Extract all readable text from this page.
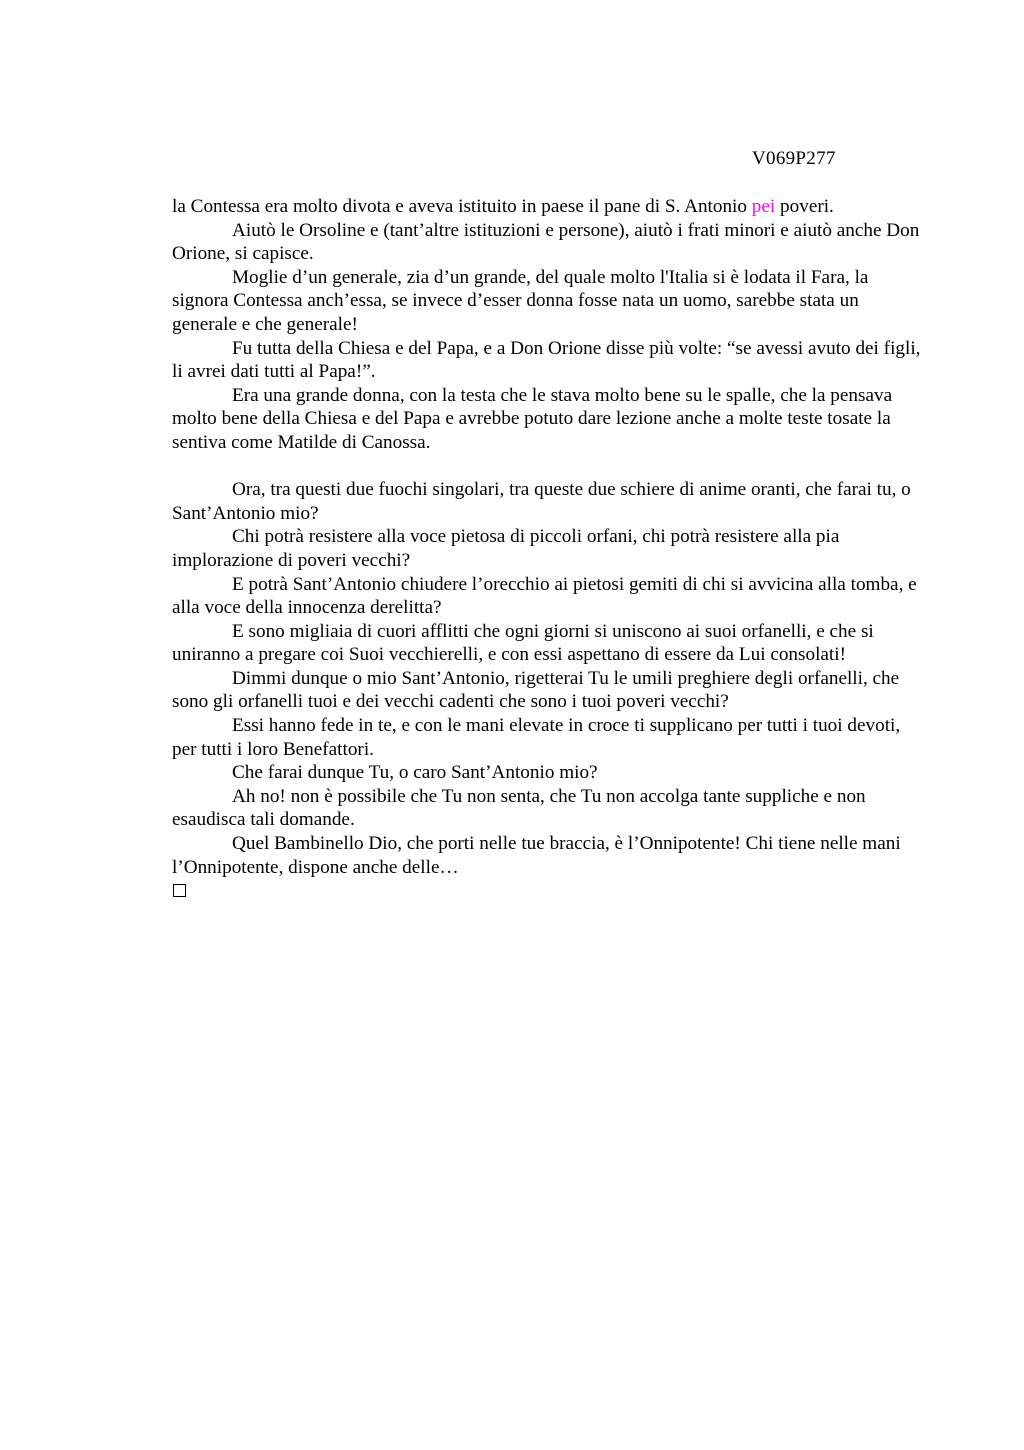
V069P277

la Contessa era molto divota e aveva istituito in paese il pane di S. Antonio pei poveri.

Aiutò le Orsoline e (tant’altre istituzioni e persone), aiutò i frati minori e aiutò anche Don Orione, si capisce.

Moglie d’un generale, zia d’un grande, del quale molto l'Italia si è lodata il Fara, la signora Contessa anch’essa, se invece d’esser donna fosse nata un uomo, sarebbe stata un generale e che generale!

Fu tutta della Chiesa e del Papa, e a Don Orione disse più volte: “se avessi avuto dei figli, li avrei dati tutti al Papa!”.

Era una grande donna, con la testa che le stava molto bene su le spalle, che la pensava molto bene della Chiesa e del Papa e avrebbe potuto dare lezione anche a molte teste tosate la sentiva come Matilde di Canossa.

Ora, tra questi due fuochi singolari, tra queste due schiere di anime oranti, che farai tu, o Sant’Antonio mio?

Chi potrà resistere alla voce pietosa di piccoli orfani, chi potrà resistere alla pia implorazione di poveri vecchi?

E potrà Sant’Antonio chiudere l’orecchio ai pietosi gemiti di chi si avvicina alla tomba, e alla voce della innocenza derelitta?

E sono migliaia di cuori afflitti che ogni giorni si uniscono ai suoi orfanelli, e che si uniranno a pregare coi Suoi vecchierelli, e con essi aspettano di essere da Lui consolati!

Dimmi dunque o mio Sant’Antonio, rigetterai Tu le umili preghiere degli orfanelli, che sono gli orfanelli tuoi e dei vecchi cadenti che sono i tuoi poveri vecchi?

Essi hanno fede in te, e con le mani elevate in croce ti supplicano per tutti i tuoi devoti, per tutti i loro Benefattori.

Che farai dunque Tu, o caro Sant’Antonio mio?

Ah no! non è possibile che Tu non senta, che Tu non accolga tante suppliche e non esaudisca tali domande.

Quel Bambinello Dio, che porti nelle tue braccia, è l’Onnipotente! Chi tiene nelle mani l’Onnipotente, dispone anche delle…
